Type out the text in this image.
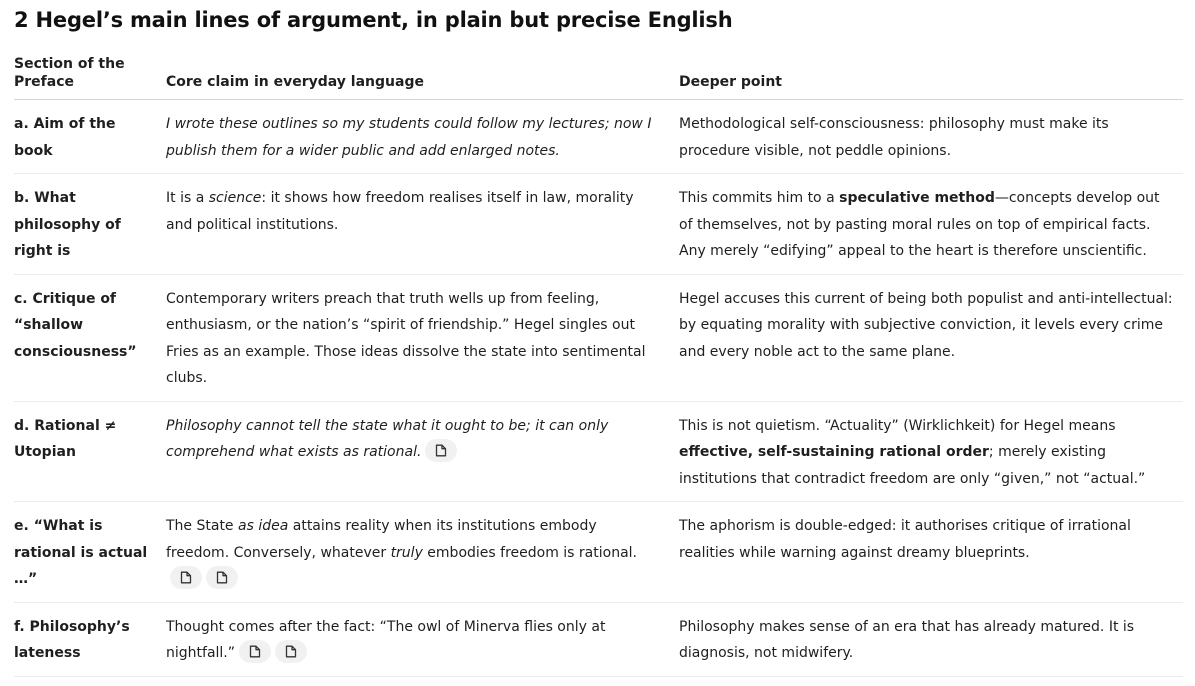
2 Hegel’s main lines of argument, in plain but precise English
Section of the Preface	Core claim in everyday language	Deeper point
a. Aim of the book	I wrote these outlines so my students could follow my lectures; now I publish them for a wider public and add enlarged notes.	Methodological self-consciousness: philosophy must make its procedure visible, not peddle opinions.
b. What philosophy of right is	It is a science: it shows how freedom realises itself in law, morality and political institutions.	This commits him to a speculative method—concepts develop out of themselves, not by pasting moral rules on top of empirical facts. Any merely “edifying” appeal to the heart is therefore unscientific.
c. Critique of “shallow consciousness”	Contemporary writers preach that truth wells up from feeling, enthusiasm, or the nation’s “spirit of friendship.” Hegel singles out Fries as an example. Those ideas dissolve the state into sentimental clubs.	Hegel accuses this current of being both populist and anti-intellectual: by equating morality with subjective conviction, it levels every crime and every noble act to the same plane.
d. Rational ≠ Utopian	Philosophy cannot tell the state what it ought to be; it can only comprehend what exists as rational.	This is not quietism. “Actuality” (Wirklichkeit) for Hegel means effective, self-sustaining rational order; merely existing institutions that contradict freedom are only “given,” not “actual.”
e. “What is rational is actual …”	The State as idea attains reality when its institutions embody freedom. Conversely, whatever truly embodies freedom is rational.	The aphorism is double-edged: it authorises critique of irrational realities while warning against dreamy blueprints.
f. Philosophy’s lateness	Thought comes after the fact: “The owl of Minerva flies only at nightfall.”	Philosophy makes sense of an era that has already matured. It is diagnosis, not midwifery.
